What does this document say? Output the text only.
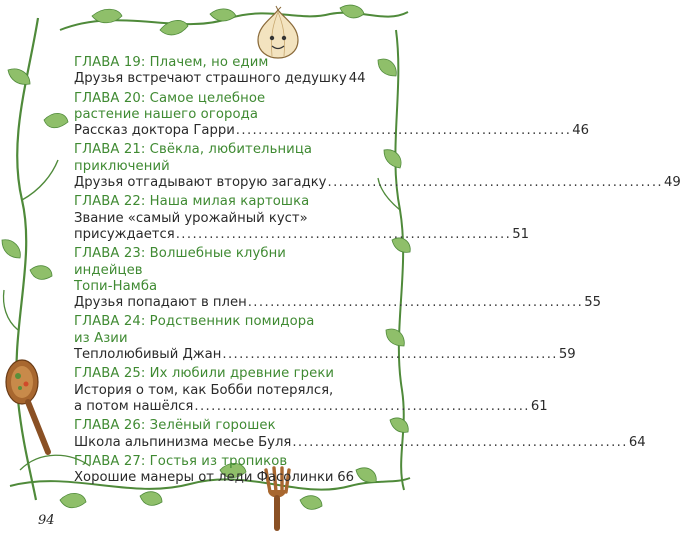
ГЛАВА 19: Плачем, но едим
Друзья встречают страшного дедушку 44
ГЛАВА 20: Самое целебное
растение нашего огорода
Рассказ доктора Гарри ............................................................ 46
ГЛАВА 21: Свёкла, любительница
приключений
Друзья отгадывают вторую загадку ............................................................ 49
ГЛАВА 22: Наша милая картошка
Звание «самый урожайный куст»
присуждается ............................................................ 51
ГЛАВА 23: Волшебные клубни индейцев
Топи-Намба
Друзья попадают в плен ............................................................ 55
ГЛАВА 24: Родственник помидора
из Азии
Теплолюбивый Джан ............................................................ 59
ГЛАВА 25: Их любили древние греки
История о том, как Бобби потерялся,
а потом нашёлся ............................................................ 61
ГЛАВА 26: Зелёный горошек
Школа альпинизма месье Буля ............................................................ 64
ГЛАВА 27: Гостья из тропиков
Хорошие манеры от леди Фасолинки 66
94
